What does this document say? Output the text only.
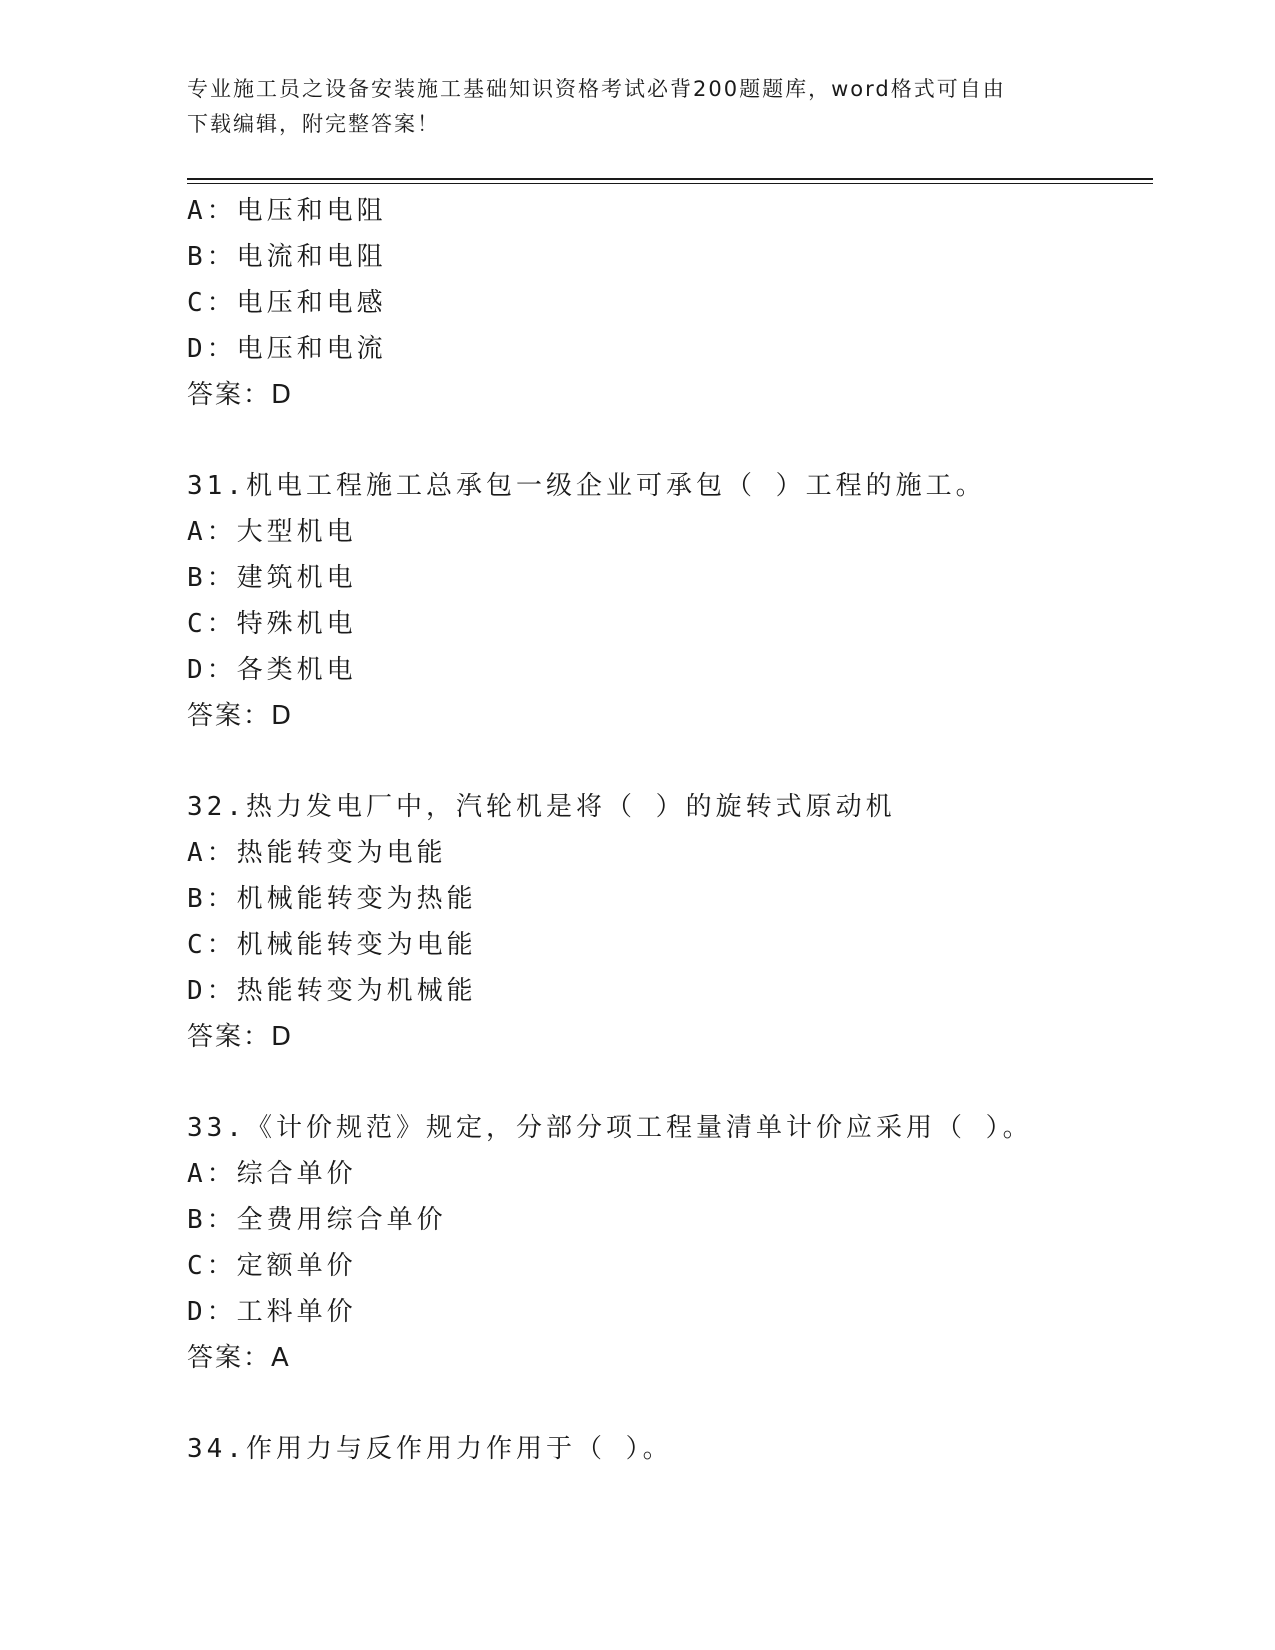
专业施工员之设备安装施工基础知识资格考试必背200题题库，word格式可自由
下载编辑，附完整答案！
A：电压和电阻
B：电流和电阻
C：电压和电感
D：电压和电流
答案：D
31.机电工程施工总承包一级企业可承包（ ）工程的施工。
A：大型机电
B：建筑机电
C：特殊机电
D：各类机电
答案：D
32.热力发电厂中，汽轮机是将（ ）的旋转式原动机
A：热能转变为电能
B：机械能转变为热能
C：机械能转变为电能
D：热能转变为机械能
答案：D
33.《计价规范》规定，分部分项工程量清单计价应采用（ ）。
A：综合单价
B：全费用综合单价
C：定额单价
D：工料单价
答案：A
34.作用力与反作用力作用于（ ）。
